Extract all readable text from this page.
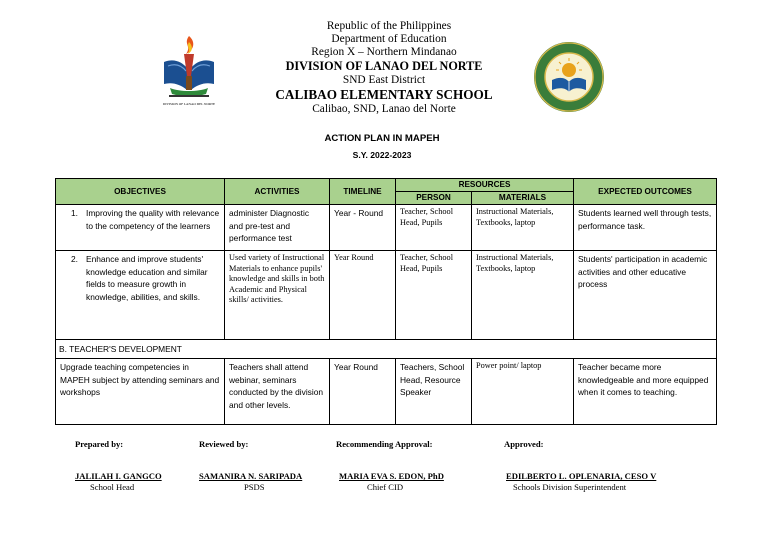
DIVISION OF LANAO DEL NORTE
Republic of the Philippines
Department of Education
Region X – Northern Mindanao
DIVISION OF LANAO DEL NORTE
SND East District
CALIBAO ELEMENTARY SCHOOL
Calibao, SND, Lanao del Norte
ACTION PLAN IN MAPEH
S.Y. 2022-2023
OBJECTIVES	ACTIVITIES	TIMELINE	RESOURCES		EXPECTED OUTCOMES
			PERSON	MATERIALS	

1. Improving the quality with relevance to the competency of the learners	administer Diagnostic and pre-test and performance test	Year - Round	Teacher, School Head, Pupils	Instructional Materials, Textbooks, laptop	Students learned well through tests, performance task.

2. Enhance and improve students' knowledge education and similar fields to measure growth in knowledge, abilities, and skills.	Used variety of Instructional Materials to enhance pupils' knowledge and skills in both Academic and Physical skills/ activities.	Year Round	Teacher, School Head, Pupils	Instructional Materials, Textbooks, laptop	Students' participation in academic activities and other educative process
B. TEACHER'S DEVELOPMENT					
Upgrade teaching competencies in MAPEH subject by attending seminars and workshops	Teachers shall attend webinar, seminars conducted by the division and other levels.	Year Round	Teachers, School Head, Resource Speaker	Power point/ laptop	Teacher became more knowledgeable and more equipped when it comes to teaching.
Prepared by:	Reviewed by:	Recommending Approval:	Approved:
JALILAH I. GANGCO
School Head
SAMANIRA N. SARIPADA
PSDS
MARIA EVA S. EDON, PhD
Chief CID
EDILBERTO L. OPLENARIA, CESO V
Schools Division Superintendent
